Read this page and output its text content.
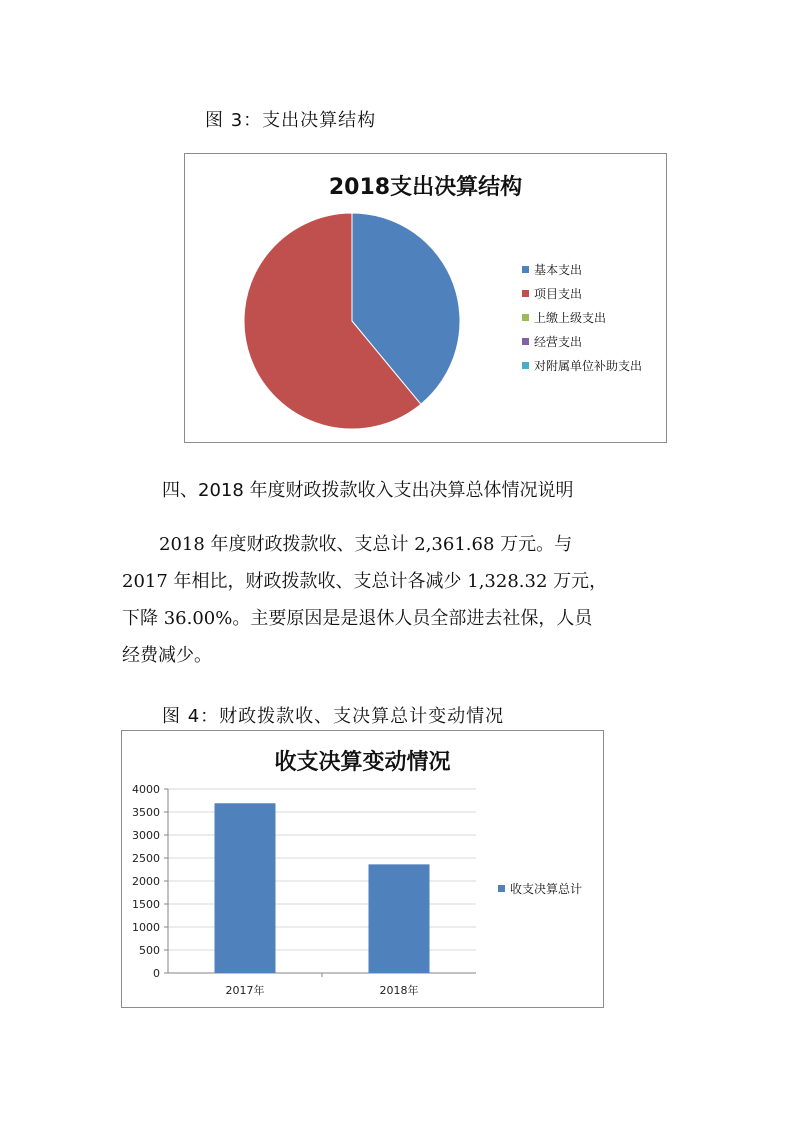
图 3：支出决算结构
2018支出决算结构
基本支出
项目支出
上缴上级支出
经营支出
对附属单位补助支出
四、2018 年度财政拨款收入支出决算总体情况说明
2018 年度财政拨款收、支总计 2,361.68 万元。与
2017 年相比，财政拨款收、支总计各减少 1,328.32 万元，
下降 36.00%。主要原因是是退休人员全部进去社保，人员
经费减少。
图 4：财政拨款收、支决算总计变动情况
收支决算变动情况
0
500
1000
1500
2000
2500
3000
3500
4000
2017年	2018年
收支决算总计
